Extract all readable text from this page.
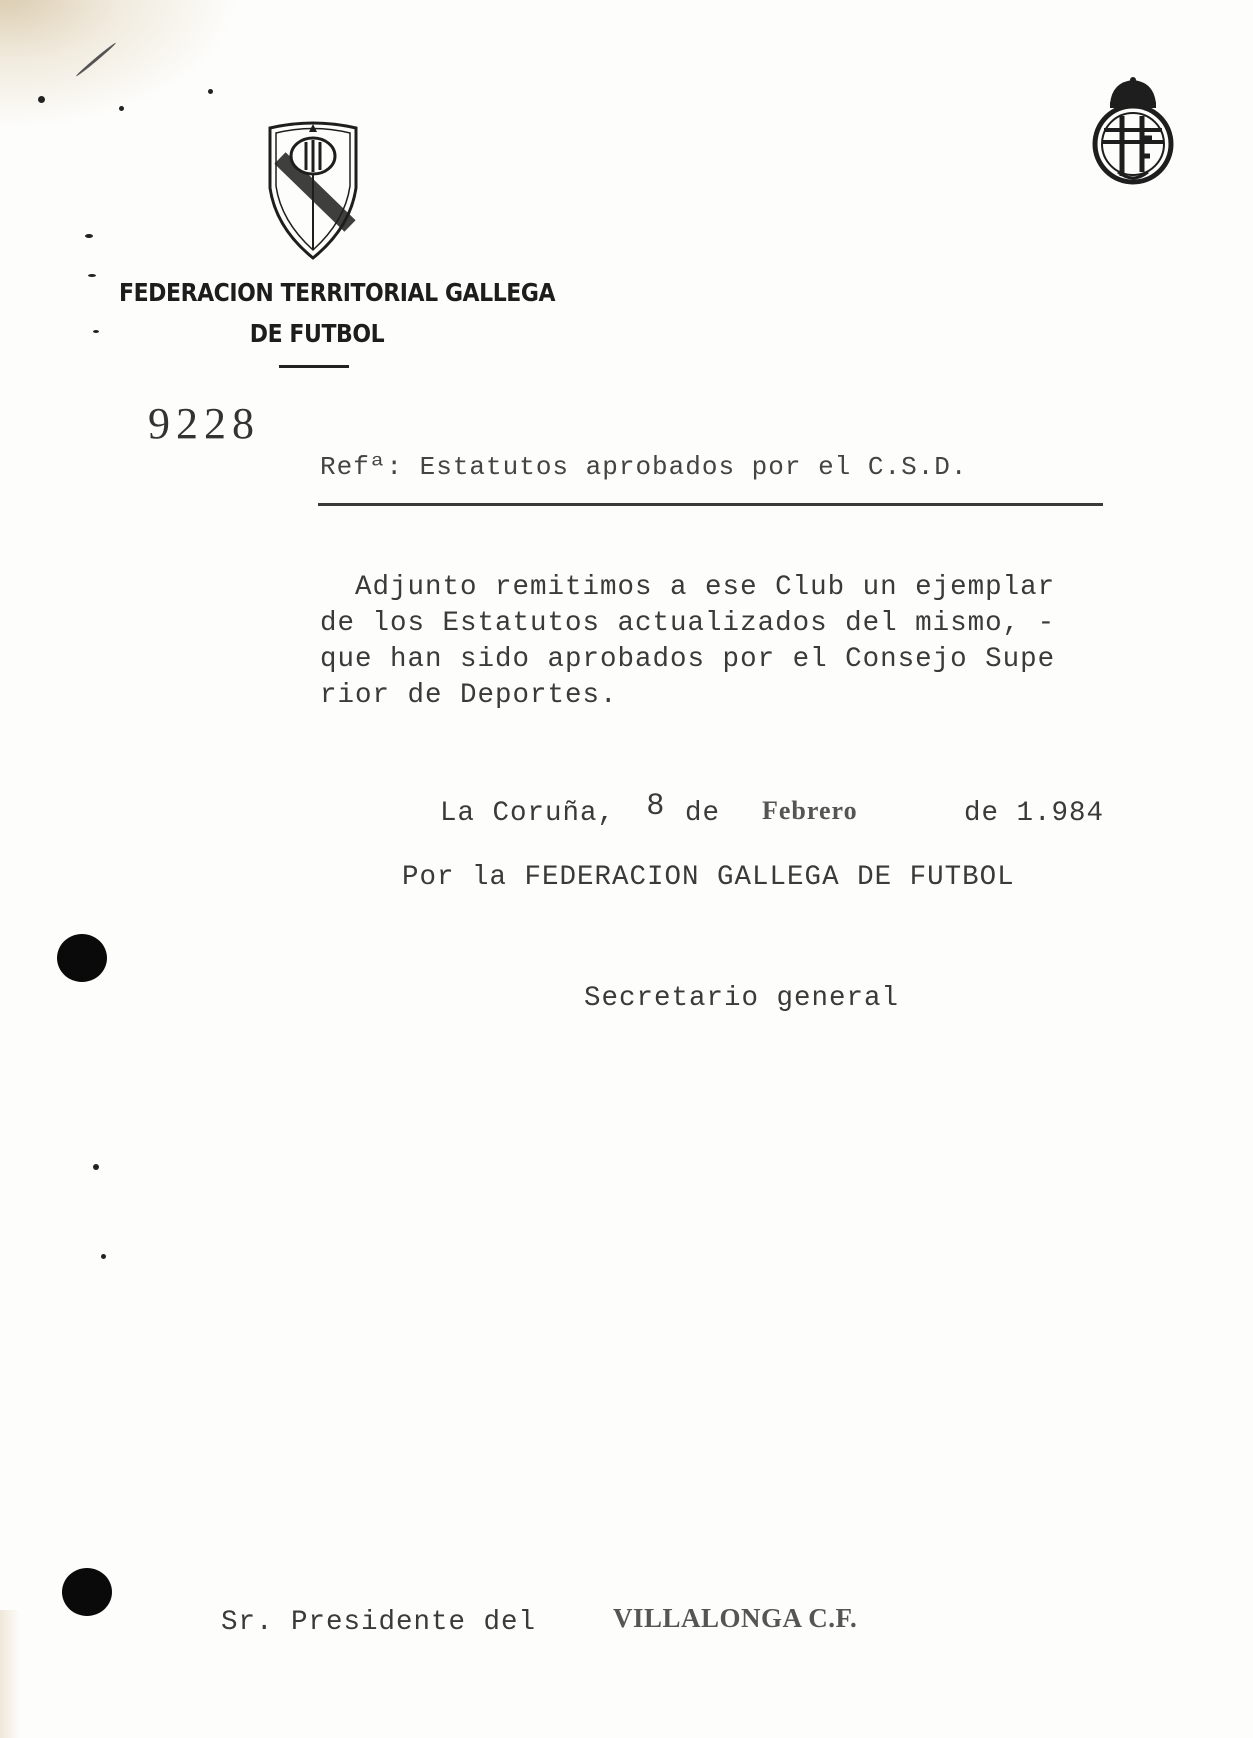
FEDERACION TERRITORIAL GALLEGA
DE FUTBOL
9228
Refª: Estatutos aprobados por el C.S.D.
Adjunto remitimos a ese Club un ejemplar
de los Estatutos actualizados del mismo, -
que han sido aprobados por el Consejo Supe
rior de Deportes.
La Coruña, 8 de Febrero	de 1.984
Por la FEDERACION GALLEGA DE FUTBOL
Secretario general
Sr. Presidente del	VILLALONGA C.F.
